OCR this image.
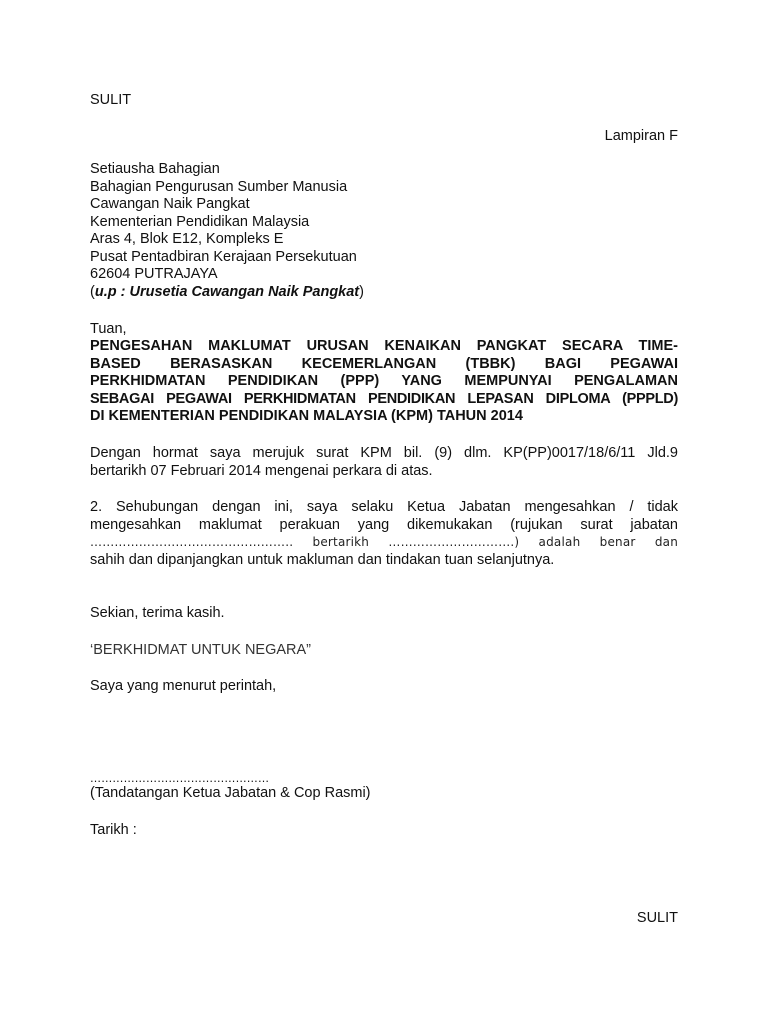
SULIT
Lampiran F
Setiausha Bahagian
Bahagian Pengurusan Sumber Manusia
Cawangan Naik Pangkat
Kementerian Pendidikan Malaysia
Aras 4, Blok E12, Kompleks E
Pusat Pentadbiran Kerajaan Persekutuan
62604 PUTRAJAYA
(u.p : Urusetia Cawangan Naik Pangkat)
Tuan,
PENGESAHAN MAKLUMAT URUSAN KENAIKAN PANGKAT SECARA TIME-
BASED BERASASKAN KECEMERLANGAN (TBBK) BAGI PEGAWAI
PERKHIDMATAN PENDIDIKAN (PPP) YANG MEMPUNYAI PENGALAMAN
SEBAGAI PEGAWAI PERKHIDMATAN PENDIDIKAN LEPASAN DIPLOMA (PPPLD)
DI KEMENTERIAN PENDIDIKAN MALAYSIA (KPM) TAHUN 2014
Dengan hormat saya merujuk surat KPM bil. (9) dlm. KP(PP)0017/18/6/11 Jld.9
bertarikh 07 Februari 2014 mengenai perkara di atas.
2. Sehubungan dengan ini, saya selaku Ketua Jabatan mengesahkan / tidak
mengesahkan maklumat perakuan yang dikemukakan (rujukan surat jabatan
………………………………………….. bertarikh ………………………….) adalah benar dan
sahih dan dipanjangkan untuk makluman dan tindakan tuan selanjutnya.
Sekian, terima kasih.
‘BERKHIDMAT UNTUK NEGARA”
Saya yang menurut perintah,
…………………………………………
(Tandatangan Ketua Jabatan & Cop Rasmi)
Tarikh :
SULIT
